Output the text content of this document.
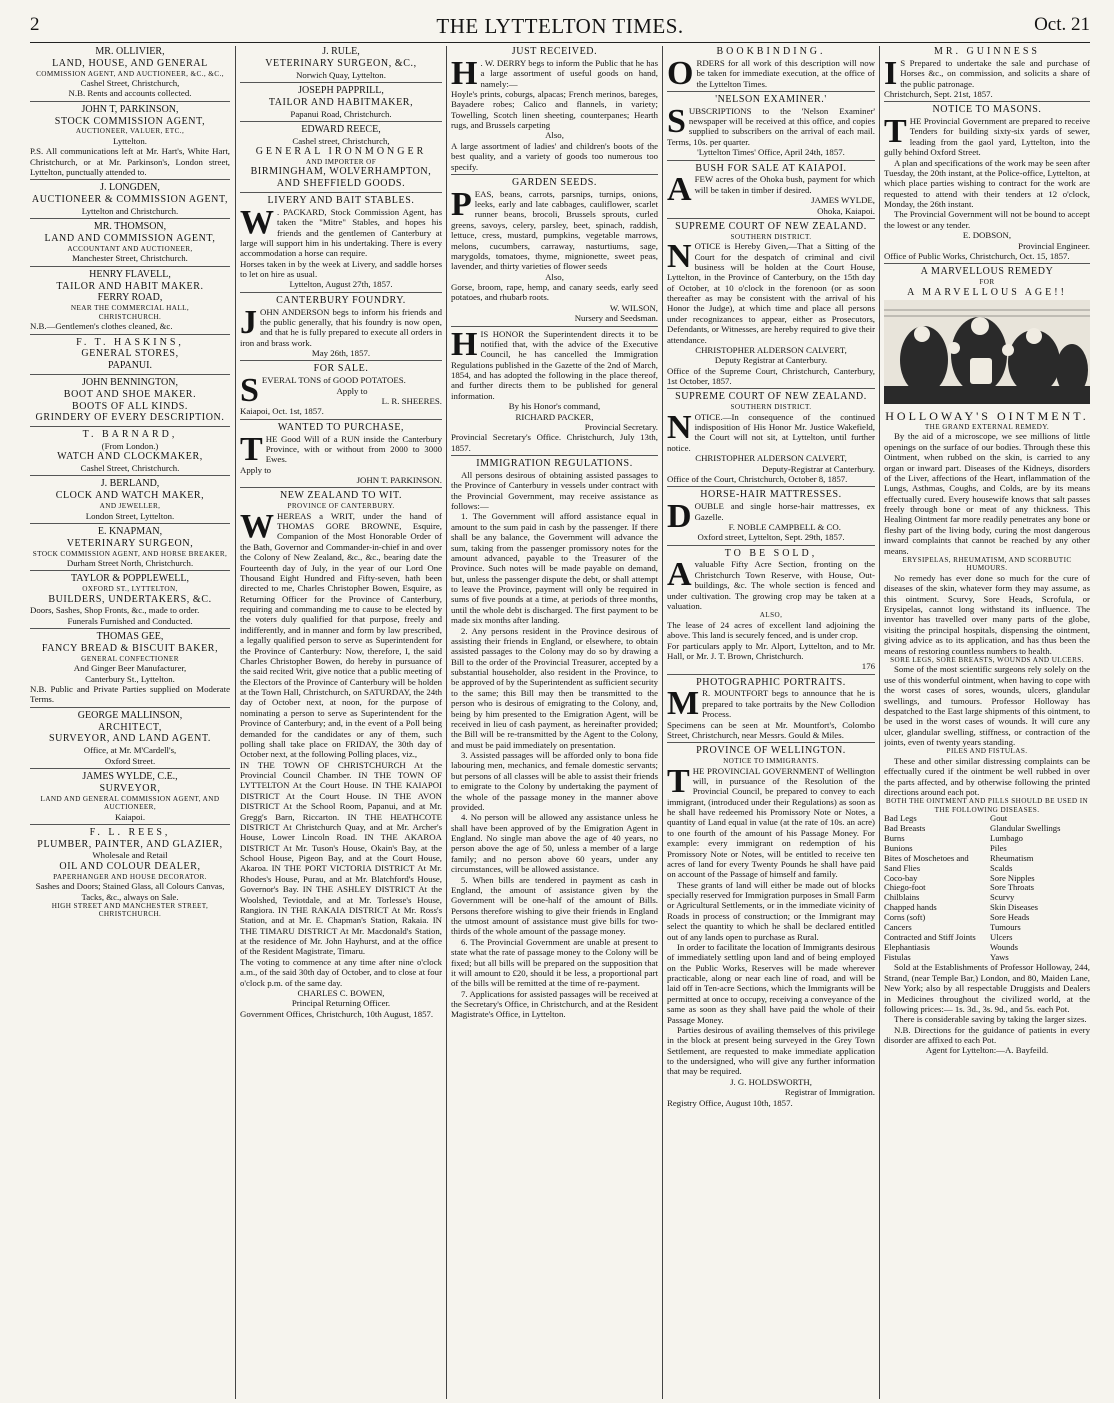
2	THE LYTTELTON TIMES.	Oct. 21
MR. OLLIVIER,
LAND, HOUSE, AND GENERAL
COMMISSION AGENT, AND AUCTIONEER, &C., &C.,
Cashel Street, Christchurch,
N.B. Rents and accounts collected.
JOHN T, PARKINSON,
STOCK COMMISSION AGENT,
AUCTIONEER, VALUER, ETC.,
Lyttelton.
P.S. All communications left at Mr. Hart's, White Hart, Christchurch, or at Mr. Parkinson's, London street, Lyttelton, punctually attended to.
J. LONGDEN,
AUCTIONEER & COMMISSION AGENT,
Lyttelton and Christchurch.
MR. THOMSON,
LAND AND COMMISSION AGENT,
ACCOUNTANT AND AUCTIONEER,
Manchester Street, Christchurch.
HENRY FLAVELL,
TAILOR AND HABIT MAKER.
FERRY ROAD,
NEAR THE COMMERCIAL HALL,
CHRISTCHURCH.
N.B.—Gentlemen's clothes cleaned, &c.
F. T. HASKINS,
GENERAL STORES,
PAPANUI.
JOHN BENNINGTON,
BOOT AND SHOE MAKER.
BOOTS OF ALL KINDS.
GRINDERY OF EVERY DESCRIPTION.
T. BARNARD,
(From London.)
WATCH AND CLOCKMAKER,
Cashel Street, Christchurch.
J. BERLAND,
CLOCK AND WATCH MAKER,
AND JEWELLER,
London Street, Lyttelton.
E. KNAPMAN,
VETERINARY SURGEON,
STOCK COMMISSION AGENT, AND HORSE BREAKER,
Durham Street North, Christchurch.
TAYLOR & POPPLEWELL,
OXFORD ST., LYTTELTON,
BUILDERS, UNDERTAKERS, &C.
Doors, Sashes, Shop Fronts, &c., made to order.
Funerals Furnished and Conducted.
THOMAS GEE,
FANCY BREAD & BISCUIT BAKER,
GENERAL CONFECTIONER
And Ginger Beer Manufacturer,
Canterbury St., Lyttelton.
N.B. Public and Private Parties supplied on Moderate Terms.
GEORGE MALLINSON,
ARCHITECT,
SURVEYOR, AND LAND AGENT.
Office, at Mr. M'Cardell's,
Oxford Street.
JAMES WYLDE, C.E.,
SURVEYOR,
LAND AND GENERAL COMMISSION AGENT, AND AUCTIONEER,
Kaiapoi.
F. L. REES,
PLUMBER, PAINTER, AND GLAZIER,
Wholesale and Retail
OIL AND COLOUR DEALER,
PAPERHANGER AND HOUSE DECORATOR.
Sashes and Doors; Stained Glass, all Colours Canvas, Tacks, &c., always on Sale.
HIGH STREET AND MANCHESTER STREET, CHRISTCHURCH.
J. RULE,
VETERINARY SURGEON, &C.,
Norwich Quay, Lyttelton.
JOSEPH PAPPRILL,
TAILOR AND HABITMAKER,
Papanui Road, Christchurch.
EDWARD REECE,
Cashel street, Christchurch,
GENERAL IRONMONGER
AND IMPORTER OF
BIRMINGHAM, WOLVERHAMPTON,
AND SHEFFIELD GOODS.
LIVERY AND BAIT STABLES.
W . PACKARD, Stock Commission Agent, has taken the "Mitre" Stables, and hopes his friends and the gentlemen of Canterbury at large will support him in his undertaking. There is every accommodation a horse can require.
Horses taken in by the week at Livery, and saddle horses to let on hire as usual.
Lyttelton, August 27th, 1857.
CANTERBURY FOUNDRY.
J OHN ANDERSON begs to inform his friends and the public generally, that his foundry is now open, and that he is fully prepared to execute all orders in iron and brass work.
May 26th, 1857.
FOR SALE.
S EVERAL TONS of GOOD POTATOES.
Apply to
L. R. SHEERES.
Kaiapoi, Oct. 1st, 1857.
WANTED TO PURCHASE,
T HE Good Will of a RUN inside the Canterbury Province, with or without from 2000 to 3000 Ewes.
Apply to
JOHN T. PARKINSON.
NEW ZEALAND TO WIT.
PROVINCE OF CANTERBURY.
W HEREAS a WRIT, under the hand of THOMAS GORE BROWNE, Esquire, Companion of the Most Honorable Order of the Bath, Governor and Commander-in-chief in and over the Colony of New Zealand, &c., &c., bearing date the Fourteenth day of July, in the year of our Lord One Thousand Eight Hundred and Fifty-seven, hath been directed to me, Charles Christopher Bowen, Esquire, as Returning Officer for the Province of Canterbury, requiring and commanding me to cause to be elected by the voters duly qualified for that purpose, freely and indifferently, and in manner and form by law prescribed, a legally qualified person to serve as Superintendent for the Province of Canterbury: Now, therefore, I, the said Charles Christopher Bowen, do hereby in pursuance of the said recited Writ, give notice that a public meeting of the Electors of the Province of Canterbury will be holden at the Town Hall, Christchurch, on SATURDAY, the 24th day of October next, at noon, for the purpose of nominating a person to serve as Superintendent for the Province of Canterbury; and, in the event of a Poll being demanded for the candidates or any of them, such polling shall take place on FRIDAY, the 30th day of October next, at the following Polling places, viz.,
IN THE TOWN OF CHRISTCHURCH At the Provincial Council Chamber. IN THE TOWN OF LYTTELTON At the Court House. IN THE KAIAPOI DISTRICT At the Court House. IN THE AVON DISTRICT At the School Room, Papanui, and at Mr. Gregg's Barn, Riccarton. IN THE HEATHCOTE DISTRICT At Christchurch Quay, and at Mr. Archer's House, Lower Lincoln Road. IN THE AKAROA DISTRICT At Mr. Tuson's House, Okain's Bay, at the School House, Pigeon Bay, and at the Court House, Akaroa. IN THE PORT VICTORIA DISTRICT At Mr. Rhodes's House, Purau, and at Mr. Blatchford's House, Governor's Bay. IN THE ASHLEY DISTRICT At the Woolshed, Teviotdale, and at Mr. Torlesse's House, Rangiora. IN THE RAKAIA DISTRICT At Mr. Ross's Station, and at Mr. E. Chapman's Station, Rakaia. IN THE TIMARU DISTRICT At Mr. Macdonald's Station, at the residence of Mr. John Hayhurst, and at the office of the Resident Magistrate, Timaru.
The voting to commence at any time after nine o'clock a.m., of the said 30th day of October, and to close at four o'clock p.m. of the same day.
CHARLES C. BOWEN,
Principal Returning Officer.
Government Offices, Christchurch, 10th August, 1857.
JUST RECEIVED.
H . W. DERRY begs to inform the Public that he has a large assortment of useful goods on hand, namely:—
Hoyle's prints, coburgs, alpacas; French merinos, bareges, Bayadere robes; Calico and flannels, in variety; Towelling, Scotch linen sheeting, counterpanes; Hearth rugs, and Brussels carpeting
Also,
A large assortment of ladies' and children's boots of the best quality, and a variety of goods too numerous too specify.
GARDEN SEEDS.
P EAS, beans, carrots, parsnips, turnips, onions, leeks, early and late cabbages, cauliflower, scarlet runner beans, brocoli, Brussels sprouts, curled greens, savoys, celery, parsley, beet, spinach, raddish, lettuce, cress, mustard, pumpkins, vegetable marrows, melons, cucumbers, carraway, nasturtiums, sage, marygolds, tomatoes, thyme, mignionette, sweet peas, lavender, and thirty varieties of flower seeds
Also,
Gorse, broom, rape, hemp, and canary seeds, early seed potatoes, and rhubarb roots.
W. WILSON,
Nursery and Seedsman.
H IS HONOR the Superintendent directs it to be notified that, with the advice of the Executive Council, he has cancelled the Immigration Regulations published in the Gazette of the 2nd of March, 1854, and has adopted the following in the place thereof, and further directs them to be published for general information.
By his Honor's command,
RICHARD PACKER,
Provincial Secretary.
Provincial Secretary's Office. Christchurch, July 13th, 1857.
IMMIGRATION REGULATIONS.

All persons desirous of obtaining assisted passages to the Province of Canterbury in vessels under contract with the Provincial Government, may receive assistance as follows:—

1. The Government will afford assistance equal in amount to the sum paid in cash by the passenger. If there shall be any balance, the Government will advance the sum, taking from the passenger promissory notes for the amount advanced, payable to the Treasurer of the Province. Such notes will be made payable on demand, but, unless the passenger dispute the debt, or shall attempt to leave the Province, payment will only be required in sums of five pounds at a time, at periods of three months, until the whole debt is discharged. The first payment to be made six months after landing.

2. Any persons resident in the Province desirous of assisting their friends in England, or elsewhere, to obtain assisted passages to the Colony may do so by drawing a Bill to the order of the Provincial Treasurer, accepted by a substantial householder, also resident in the Province, to be approved of by the Superintendent as sufficient security to the same; this Bill may then be transmitted to the person who is desirous of emigrating to the Colony, and, being by him presented to the Emigration Agent, will be received in lieu of cash payment, as hereinafter provided; the Bill will be re-transmitted by the Agent to the Colony, and must be paid immediately on presentation.

3. Assisted passages will be afforded only to bona fide labouring men, mechanics, and female domestic servants; but persons of all classes will be able to assist their friends to emigrate to the Colony by undertaking the payment of the whole of the passage money in the manner above provided.

4. No person will be allowed any assistance unless he shall have been approved of by the Emigration Agent in England. No single man above the age of 40 years, no person above the age of 50, unless a member of a large family; and no person above 60 years, under any circumstances, will be allowed assistance.

5. When bills are tendered in payment as cash in England, the amount of assistance given by the Government will be one-half of the amount of Bills. Persons therefore wishing to give their friends in England the utmost amount of assistance must give bills for two-thirds of the whole amount of the passage money.

6. The Provincial Government are unable at present to state what the rate of passage money to the Colony will be fixed; but all bills will be prepared on the supposition that it will amount to £20, should it be less, a proportional part of the bills will be remitted at the time of re-payment.

7. Applications for assisted passages will be received at the Secretary's Office, in Christchurch, and at the Resident Magistrate's Office, in Lyttelton.

BOOKBINDING.
O RDERS for all work of this description will now be taken for immediate execution, at the office of the Lyttelton Times.
'NELSON EXAMINER.'
S UBSCRIPTIONS to the 'Nelson Examiner' newspaper will be received at this office, and copies supplied to subscribers on the arrival of each mail. Terms, 10s. per quarter.
'Lyttelton Times' Office, April 24th, 1857.
BUSH FOR SALE AT KAIAPOI.
A FEW acres of the Ohoka bush, payment for which will be taken in timber if desired.
JAMES WYLDE,
Ohoka, Kaiapoi.
SUPREME COURT OF NEW ZEALAND.
SOUTHERN DISTRICT.
N OTICE is Hereby Given,—That a Sitting of the Court for the despatch of criminal and civil business will be holden at the Court House, Lyttelton, in the Province of Canterbury, on the 15th day of October, at 10 o'clock in the forenoon (or as soon thereafter as may be consistent with the arrival of his Honor the Judge), at which time and place all persons under recognizances to appear, either as Prosecutors, Defendants, or Witnesses, are hereby required to give their attendance.
CHRISTOPHER ALDERSON CALVERT,
Deputy Registrar at Canterbury.
Office of the Supreme Court, Christchurch, Canterbury, 1st October, 1857.
SUPREME COURT OF NEW ZEALAND.
SOUTHERN DISTRICT.
N OTICE.—In consequence of the continued indisposition of His Honor Mr. Justice Wakefield, the Court will not sit, at Lyttelton, until further notice.
CHRISTOPHER ALDERSON CALVERT,
Deputy-Registrar at Canterbury.
Office of the Court, Christchurch, October 8, 1857.
HORSE-HAIR MATTRESSES.
D OUBLE and single horse-hair mattresses, ex Gazelle.
F. NOBLE CAMPBELL & CO.
Oxford street, Lyttelton, Sept. 29th, 1857.
TO BE SOLD,
A valuable Fifty Acre Section, fronting on the Christchurch Town Reserve, with House, Out-buildings, &c. The whole section is fenced and under cultivation. The growing crop may be taken at a valuation.
ALSO,
The lease of 24 acres of excellent land adjoining the above. This land is securely fenced, and is under crop.
For particulars apply to Mr. Alport, Lyttelton, and to Mr. Hall, or Mr. J. T. Brown, Christchurch.
176
PHOTOGRAPHIC PORTRAITS.
M R. MOUNTFORT begs to announce that he is prepared to take portraits by the New Collodion Process.
Specimens can be seen at Mr. Mountfort's, Colombo Street, Christchurch, near Messrs. Gould & Miles.
PROVINCE OF WELLINGTON.
NOTICE TO IMMIGRANTS.
T HE PROVINCIAL GOVERNMENT of Wellington will, in pursuance of the Resolution of the Provincial Council, be prepared to convey to each immigrant, (introduced under their Regulations) as soon as he shall have redeemed his Promissory Note or Notes, a quantity of Land equal in value (at the rate of 10s. an acre) to one fourth of the amount of his Passage Money. For example: every immigrant on redemption of his Promissory Note or Notes, will be entitled to receive ten acres of land for every Twenty Pounds he shall have paid on account of the Passage of himself and family.

These grants of land will either be made out of blocks specially reserved for Immigration purposes in Small Farm or Agricultural Settlements, or in the immediate vicinity of Roads in process of construction; or the Immigrant may select the quantity to which he shall be declared entitled out of any lands open to purchase as Rural.

In order to facilitate the location of Immigrants desirous of immediately settling upon land and of being employed on the Public Works, Reserves will be made wherever practicable, along or near each line of road, and will be laid off in Ten-acre Sections, which the Immigrants will be permitted at once to occupy, receiving a conveyance of the same as soon as they shall have paid the whole of their Passage Money.

Parties desirous of availing themselves of this privilege in the block at present being surveyed in the Grey Town Settlement, are requested to make immediate application to the undersigned, who will give any further information that may be required.

J. G. HOLDSWORTH,
Registrar of Immigration.
Registry Office, August 10th, 1857.
MR. GUINNESS
I S Prepared to undertake the sale and purchase of Horses &c., on commission, and solicits a share of the public patronage.
Christchurch, Sept. 21st, 1857.
NOTICE TO MASONS.
T HE Provincial Government are prepared to receive Tenders for building sixty-six yards of sewer, leading from the gaol yard, Lyttelton, into the gully behind Oxford Street.

A plan and specifications of the work may be seen after Tuesday, the 20th instant, at the Police-office, Lyttelton, at which place parties wishing to contract for the work are requested to attend with their tenders at 12 o'clock, Monday, the 26th instant.

The Provincial Government will not be bound to accept the lowest or any tender.

E. DOBSON,
Provincial Engineer.
Office of Public Works, Christchurch, Oct. 15, 1857.
A MARVELLOUS REMEDY
FOR
A MARVELLOUS AGE!!
HOLLOWAY'S OINTMENT.
THE GRAND EXTERNAL REMEDY.

By the aid of a microscope, we see millions of little openings on the surface of our bodies. Through these this Ointment, when rubbed on the skin, is carried to any organ or inward part. Diseases of the Kidneys, disorders of the Liver, affections of the Heart, inflammation of the Lungs, Asthmas, Coughs, and Colds, are by its means effectually cured. Every housewife knows that salt passes freely through bone or meat of any thickness. This Healing Ointment far more readily penetrates any bone or fleshy part of the living body, curing the most dangerous inward complaints that cannot be reached by any other means.

ERYSIPELAS, RHEUMATISM, AND SCORBUTIC HUMOURS.

No remedy has ever done so much for the cure of diseases of the skin, whatever form they may assume, as this ointment. Scurvy, Sore Heads, Scrofula, or Erysipelas, cannot long withstand its influence. The inventor has travelled over many parts of the globe, visiting the principal hospitals, dispensing the ointment, giving advice as to its application, and has thus been the means of restoring countless numbers to health.

SORE LEGS, SORE BREASTS, WOUNDS AND ULCERS.

Some of the most scientific surgeons rely solely on the use of this wonderful ointment, when having to cope with the worst cases of sores, wounds, ulcers, glandular swellings, and tumours. Professor Holloway has despatched to the East large shipments of this ointment, to be used in the worst cases of wounds. It will cure any ulcer, glandular swelling, stiffness, or contraction of the joints, even of twenty years standing.

PILES AND FISTULAS.

These and other similar distressing complaints can be effectually cured if the ointment be well rubbed in over the parts affected, and by otherwise following the printed directions around each pot.

BOTH THE OINTMENT AND PILLS SHOULD BE USED IN THE FOLLOWING DISEASES.
Bad Legs
Bad Breasts
Burns
Bunions
Bites of Moschetoes and Sand Flies
Coco-bay
Chiego-foot
Chilblains
Chapped hands
Corns (soft)
Cancers
Contracted and Stiff Joints
Elephantiasis
Fistulas
Gout
Glandular Swellings
Lumbago
Piles
Rheumatism
Scalds
Sore Nipples
Sore Throats
Scurvy
Skin Diseases
Sore Heads
Tumours
Ulcers
Wounds
Yaws

Sold at the Establishments of Professor Holloway, 244, Strand, (near Temple Bar,) London, and 80, Maiden Lane, New York; also by all respectable Druggists and Dealers in Medicines throughout the civilized world, at the following prices:— 1s. 3d., 3s. 9d., and 5s. each Pot.

There is considerable saving by taking the larger sizes.

N.B. Directions for the guidance of patients in every disorder are affixed to each Pot.

Agent for Lyttelton:—A. Bayfeild.
